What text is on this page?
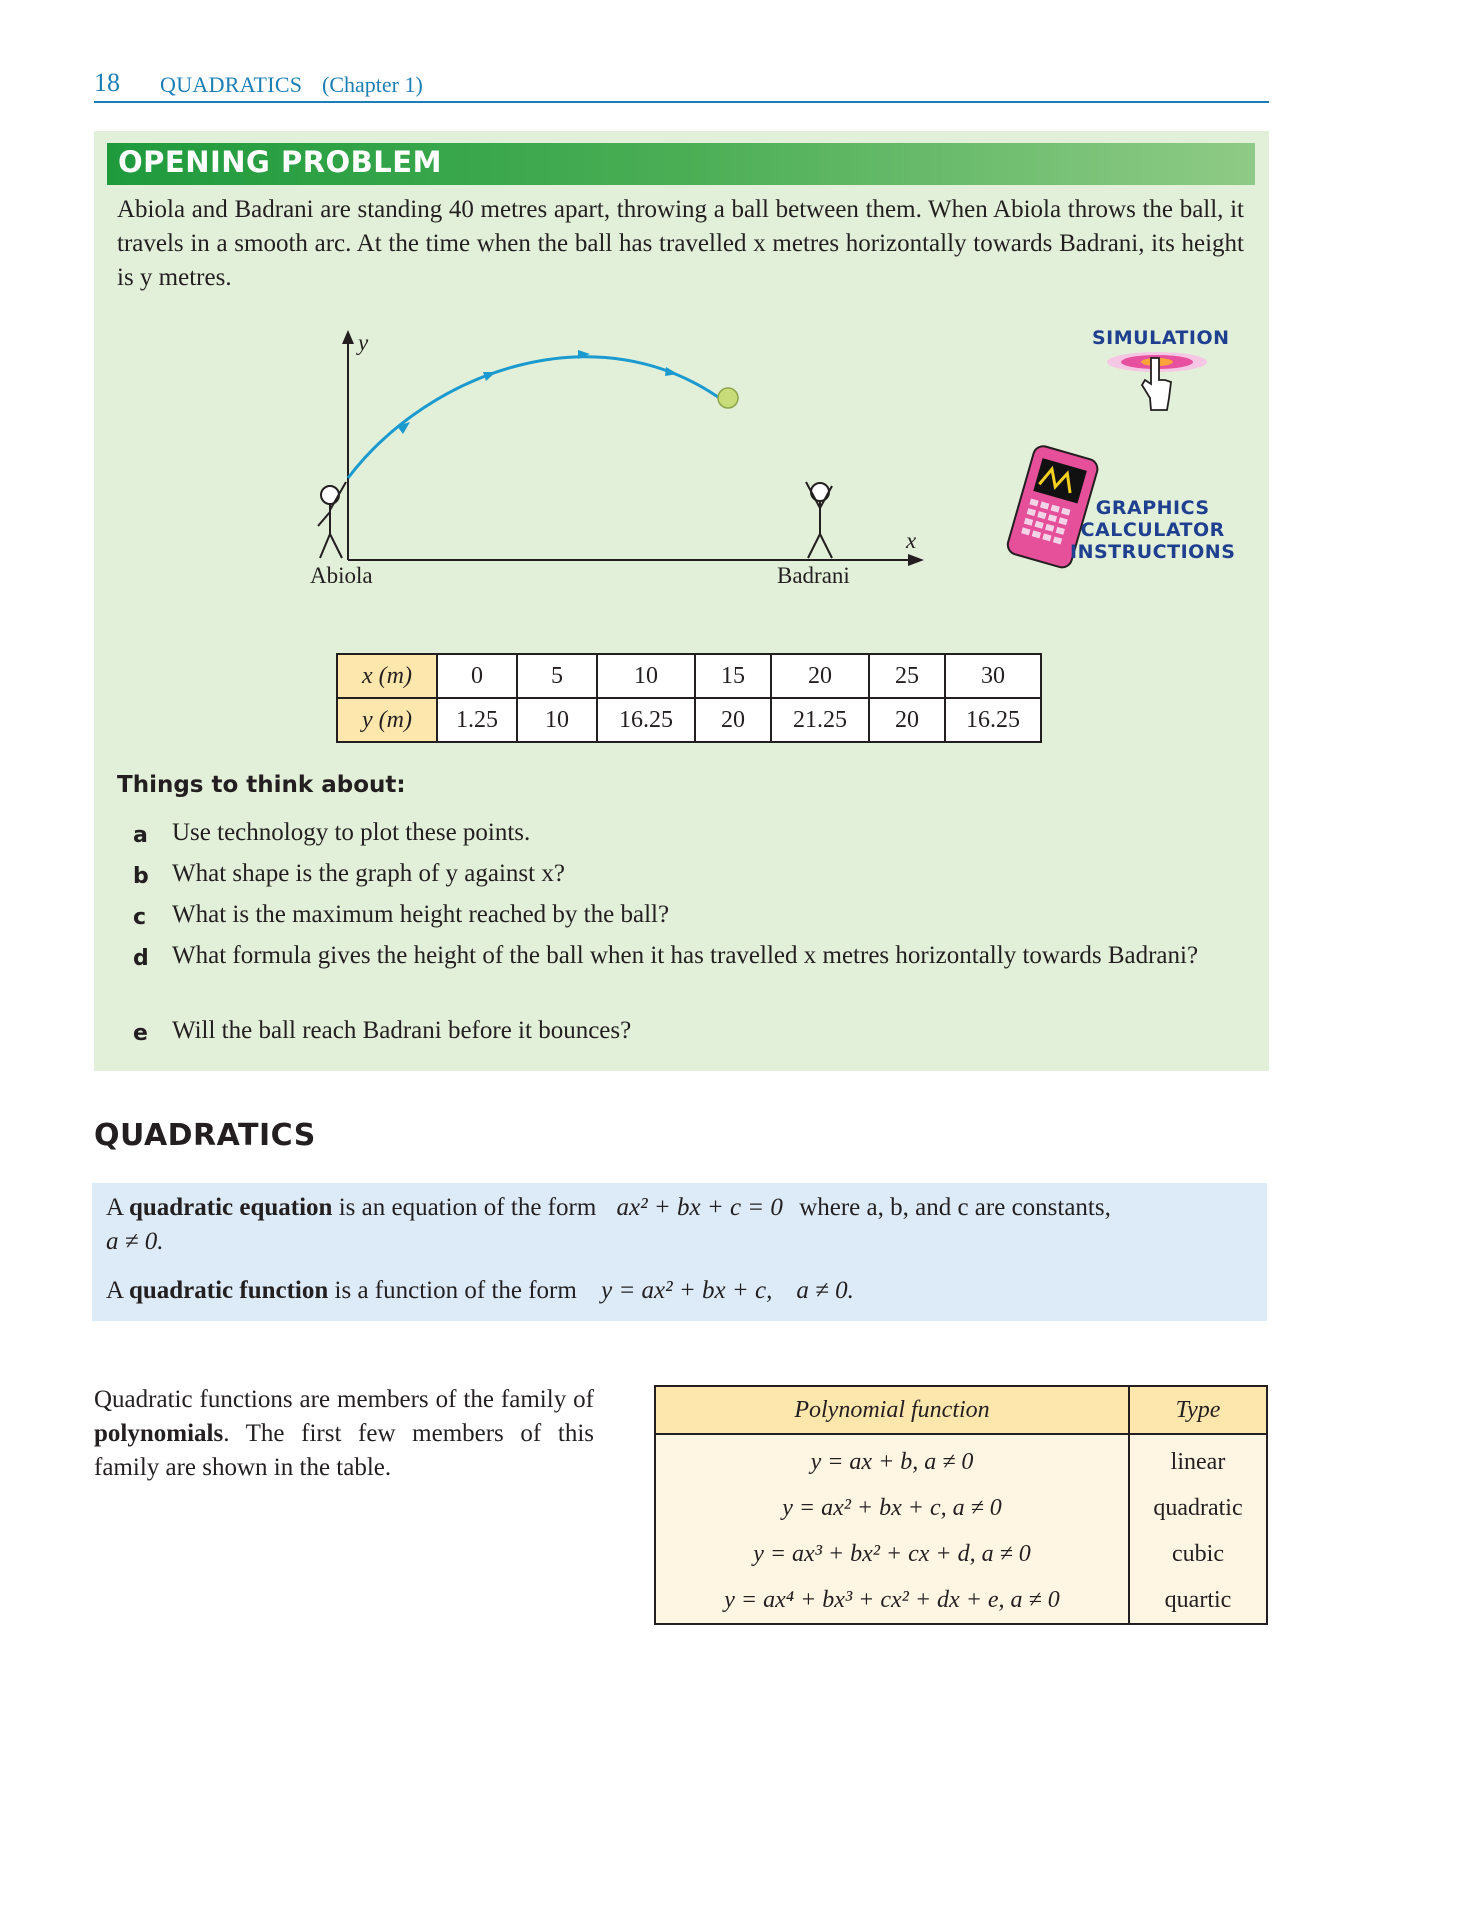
18 QUADRATICS (Chapter 1)
OPENING PROBLEM
Abiola and Badrani are standing 40 metres apart, throwing a ball between them. When Abiola throws the ball, it travels in a smooth arc. At the time when the ball has travelled x metres horizontally towards Badrani, its height is y metres.
y
x
Abiola	Badrani
SIMULATION
GRAPHICS
CALCULATOR
INSTRUCTIONS
x (m)	0	5	10	15	20	25	30
y (m)	1.25	10	16.25	20	21.25	20	16.25
Things to think about:
a Use technology to plot these points.
b What shape is the graph of y against x?
c What is the maximum height reached by the ball?
d What formula gives the height of the ball when it has travelled x metres horizontally towards Badrani?
e Will the ball reach Badrani before it bounces?
QUADRATICS
A quadratic equation is an equation of the form ax² + bx + c = 0 where a, b, and c are constants,
a ≠ 0.
A quadratic function is a function of the form y = ax² + bx + c, a ≠ 0.
Quadratic functions are members of the family of polynomials. The first few members of this family are shown in the table.
Polynomial function	Type
y = ax + b, a ≠ 0	linear
y = ax² + bx + c, a ≠ 0	quadratic
y = ax³ + bx² + cx + d, a ≠ 0	cubic
y = ax⁴ + bx³ + cx² + dx + e, a ≠ 0	quartic
